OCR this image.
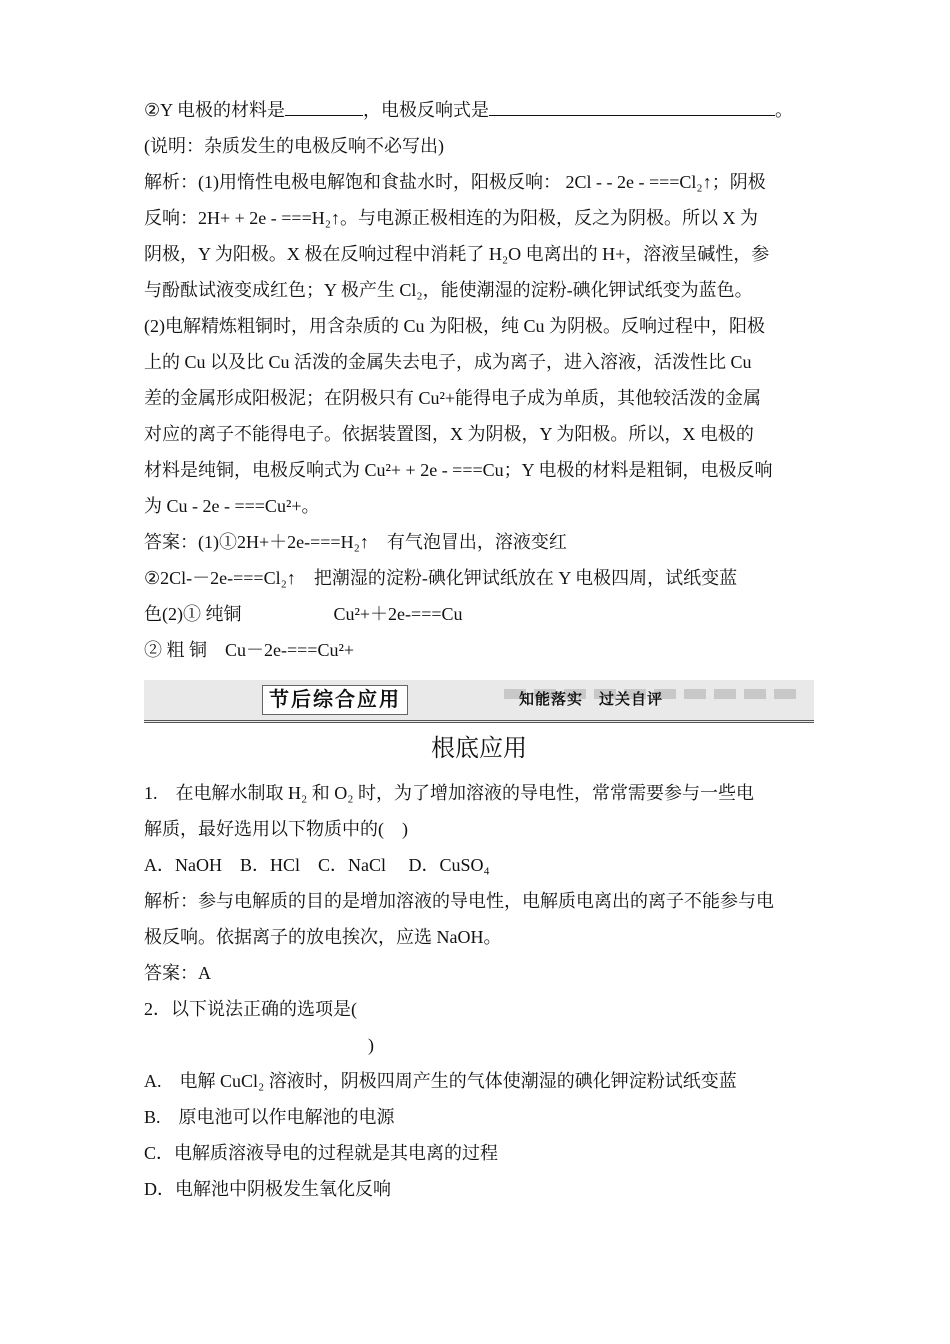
②Y 电极的材料是	，电极反响式是	。
(说明：杂质发生的电极反响不必写出)
解析：(1)用惰性电极电解饱和食盐水时，阳极反响： 2Cl - - 2e - ===Cl₂↑；阴极
反响：2H+ + 2e - ===H₂↑。与电源正极相连的为阳极，反之为阴极。所以 X 为
阴极，Y 为阳极。X 极在反响过程中消耗了 H₂O 电离出的 H+，溶液呈碱性，参
与酚酞试液变成红色；Y 极产生 Cl₂，能使潮湿的淀粉-碘化钾试纸变为蓝色。
(2)电解精炼粗铜时，用含杂质的 Cu 为阳极，纯 Cu 为阴极。反响过程中，阳极
上的 Cu 以及比 Cu 活泼的金属失去电子，成为离子，进入溶液，活泼性比 Cu
差的金属形成阳极泥；在阴极只有 Cu²+能得电子成为单质，其他较活泼的金属
对应的离子不能得电子。依据装置图，X 为阴极，Y 为阳极。所以，X 电极的
材料是纯铜，电极反响式为 Cu²+ + 2e - ===Cu；Y 电极的材料是粗铜，电极反响
为 Cu - 2e - ===Cu²+。
答案：(1)①2H+＋2e-===H₂↑　有气泡冒出，溶液变红
②2Cl-－2e-===Cl₂↑　把潮湿的淀粉-碘化钾试纸放在 Y 电极四周，试纸变蓝
色(2)① 纯铜	Cu²+＋2e-===Cu
② 粗 铜　Cu－2e-===Cu²+
节后综合应用	知能落实　过关自评
根底应用
1.　在电解水制取 H₂ 和 O₂ 时，为了增加溶液的导电性，常常需要参与一些电
解质，最好选用以下物质中的(　)
A．NaOH　B．HCl　C．NaCl　 D．CuSO₄
解析：参与电解质的目的是增加溶液的导电性，电解质电离出的离子不能参与电
极反响。依据离子的放电挨次，应选 NaOH。
答案：A
2．以下说法正确的选项是(
)
A.　电解 CuCl₂ 溶液时，阴极四周产生的气体使潮湿的碘化钾淀粉试纸变蓝
B.　原电池可以作电解池的电源
C．电解质溶液导电的过程就是其电离的过程
D．电解池中阴极发生氧化反响
